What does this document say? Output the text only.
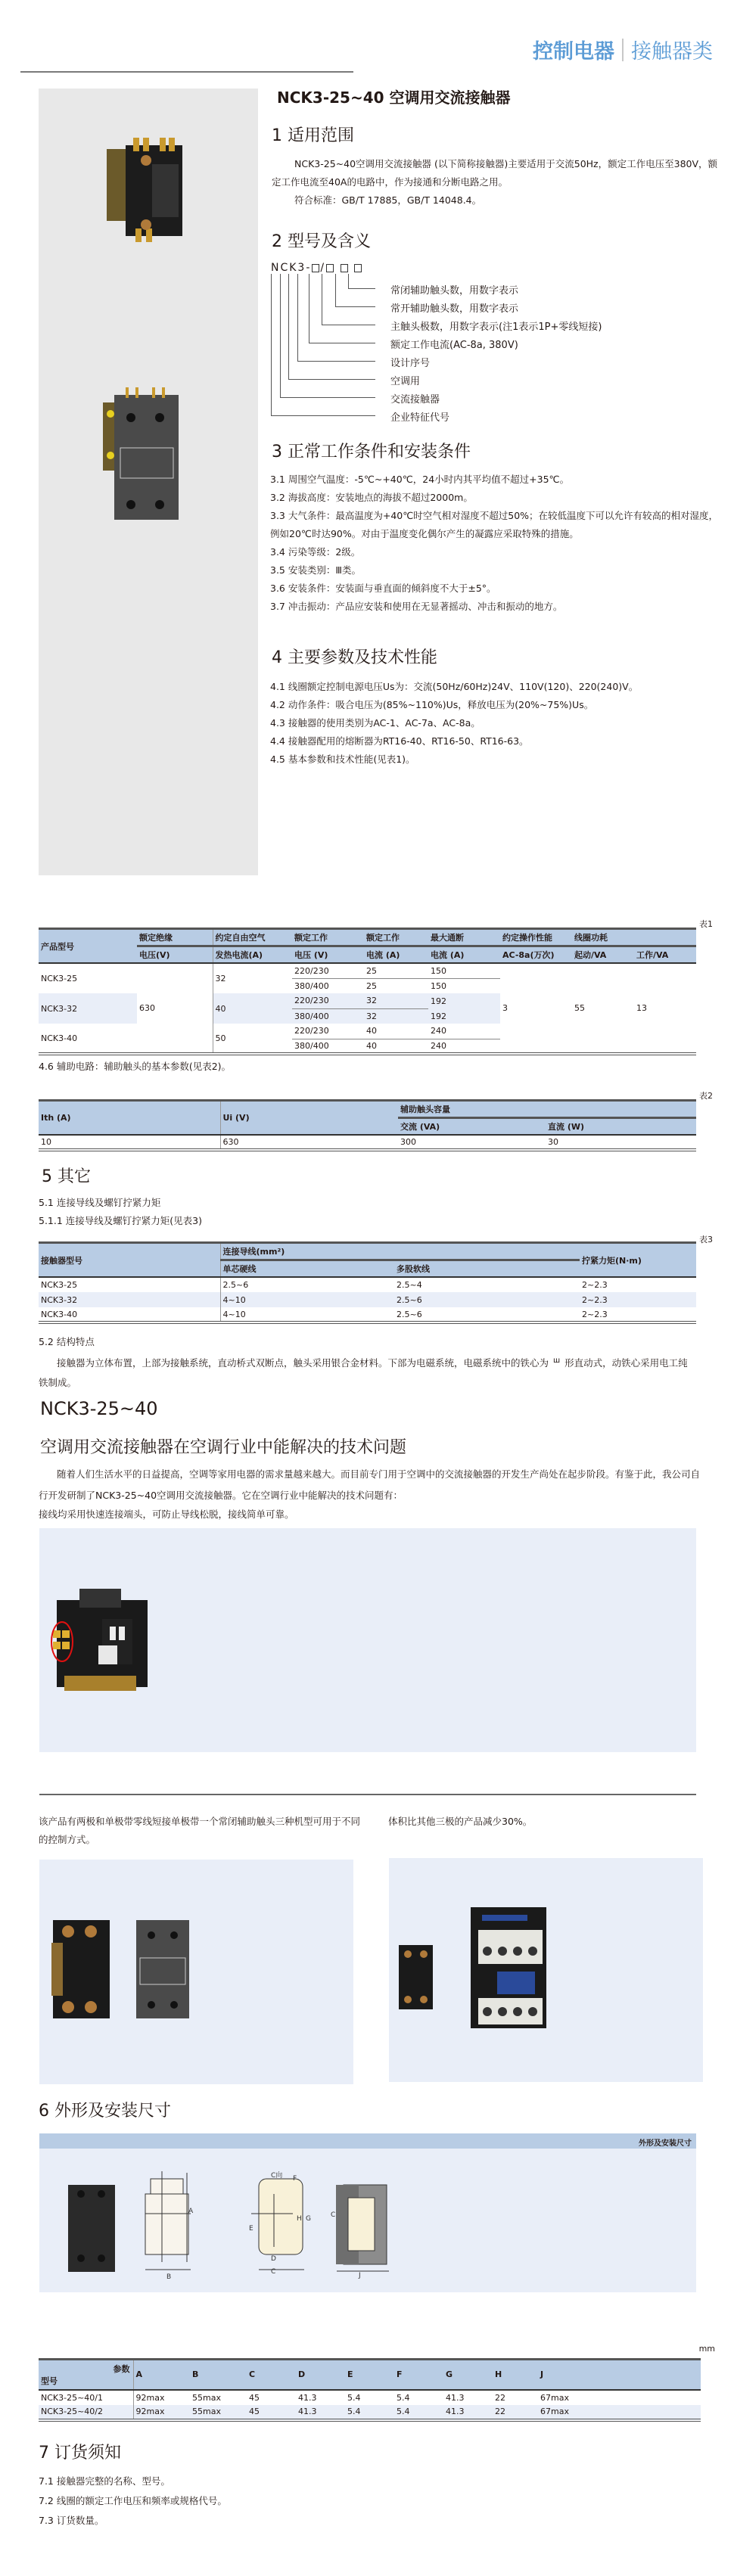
控制电器 接触器类
NCK3-25~40 空调用交流接触器
1 适用范围
NCK3-25~40空调用交流接触器 (以下简称接触器)主要适用于交流50Hz，额定工作电压至380V，额定工作电流至40A的电路中，作为接通和分断电路之用。
符合标准：GB/T 17885，GB/T 14048.4。
2 型号及含义
NCK3- /
常闭辅助触头数，用数字表示
常开辅助触头数，用数字表示
主触头极数，用数字表示(注1表示1P+零线短接)
额定工作电流(AC-8a, 380V)
设计序号
空调用
交流接触器
企业特征代号
3 正常工作条件和安装条件
3.1 周围空气温度：-5℃~+40℃，24小时内其平均值不超过+35℃。
3.2 海拔高度：安装地点的海拔不超过2000m。
3.3 大气条件：最高温度为+40℃时空气相对湿度不超过50%；在较低温度下可以允许有较高的相对湿度，例如20℃时达90%。对由于温度变化偶尔产生的凝露应采取特殊的措施。
3.4 污染等级：2级。
3.5 安装类别：Ⅲ类。
3.6 安装条件：安装面与垂直面的倾斜度不大于±5°。
3.7 冲击振动：产品应安装和使用在无显著摇动、冲击和振动的地方。
4 主要参数及技术性能
4.1 线圈额定控制电源电压Us为：交流(50Hz/60Hz)24V、110V(120)、220(240)V。
4.2 动作条件：吸合电压为(85%~110%)Us，释放电压为(20%~75%)Us。
4.3 接触器的使用类别为AC-1、AC-7a、AC-8a。
4.4 接触器配用的熔断器为RT16-40、RT16-50、RT16-63。
4.5 基本参数和技术性能(见表1)。
表1
产品型号	额定绝缘	约定自由空气	额定工作	额定工作	最大通断	约定操作性能	线圈功耗	
	电压(V)	发热电流(A)	电压 (V)	电流 (A)	电流 (A)	AC-8a(万次)	起动/VA	工作/VA
NCK3-25	630	32	220/230	25	150	3	55	13
			380/400	25	150			
NCK3-32		40	220/230	32	192			
			380/400	32	192			
NCK3-40		50	220/230	40	240			
			380/400	40	240			
4.6 辅助电路：辅助触头的基本参数(见表2)。
表2
Ith (A)	Ui (V)	辅助触头容量	
		交流 (VA)	直流 (W)
10	630	300	30
5 其它
5.1 连接导线及螺钉拧紧力矩
5.1.1 连接导线及螺钉拧紧力矩(见表3)
表3
接触器型号	连接导线(mm²)		拧紧力矩(N·m)
	单芯硬线	多股软线	
NCK3-25	2.5~6	2.5~4	2~2.3
NCK3-32	4~10	2.5~6	2~2.3
NCK3-40	4~10	2.5~6	2~2.3
5.2 结构特点
接触器为立体布置，上部为接触系统，直动桥式双断点，触头采用银合金材料。下部为电磁系统，电磁系统中的铁心为 $^ш$ 形直动式，动铁心采用电工纯铁制成。
NCK3-25~40
空调用交流接触器在空调行业中能解决的技术问题
随着人们生活水平的日益提高，空调等家用电器的需求量越来越大。而目前专门用于空调中的交流接触器的开发生产尚处在起步阶段。有鉴于此，我公司自行开发研制了NCK3-25~40空调用交流接触器。它在空调行业中能解决的技术问题有：
接线均采用快速连接端头，可防止导线松脱，接线简单可靠。
该产品有两极和单极带零线短接单极带一个常闭辅助触头三种机型可用于不同的控制方式。
体积比其他三极的产品减少30%。
6 外形及安装尺寸
外形及安装尺寸
A
B
C向 F
G
H
E
D
C
C
J
mm
参数
型号	A	B	C	D	E	F	G	H	J
NCK3-25~40/1	92max	55max	45	41.3	5.4	5.4	41.3	22	67max
NCK3-25~40/2	92max	55max	45	41.3	5.4	5.4	41.3	22	67max
7 订货须知
7.1 接触器完整的名称、型号。
7.2 线圈的额定工作电压和频率或规格代号。
7.3 订货数量。
